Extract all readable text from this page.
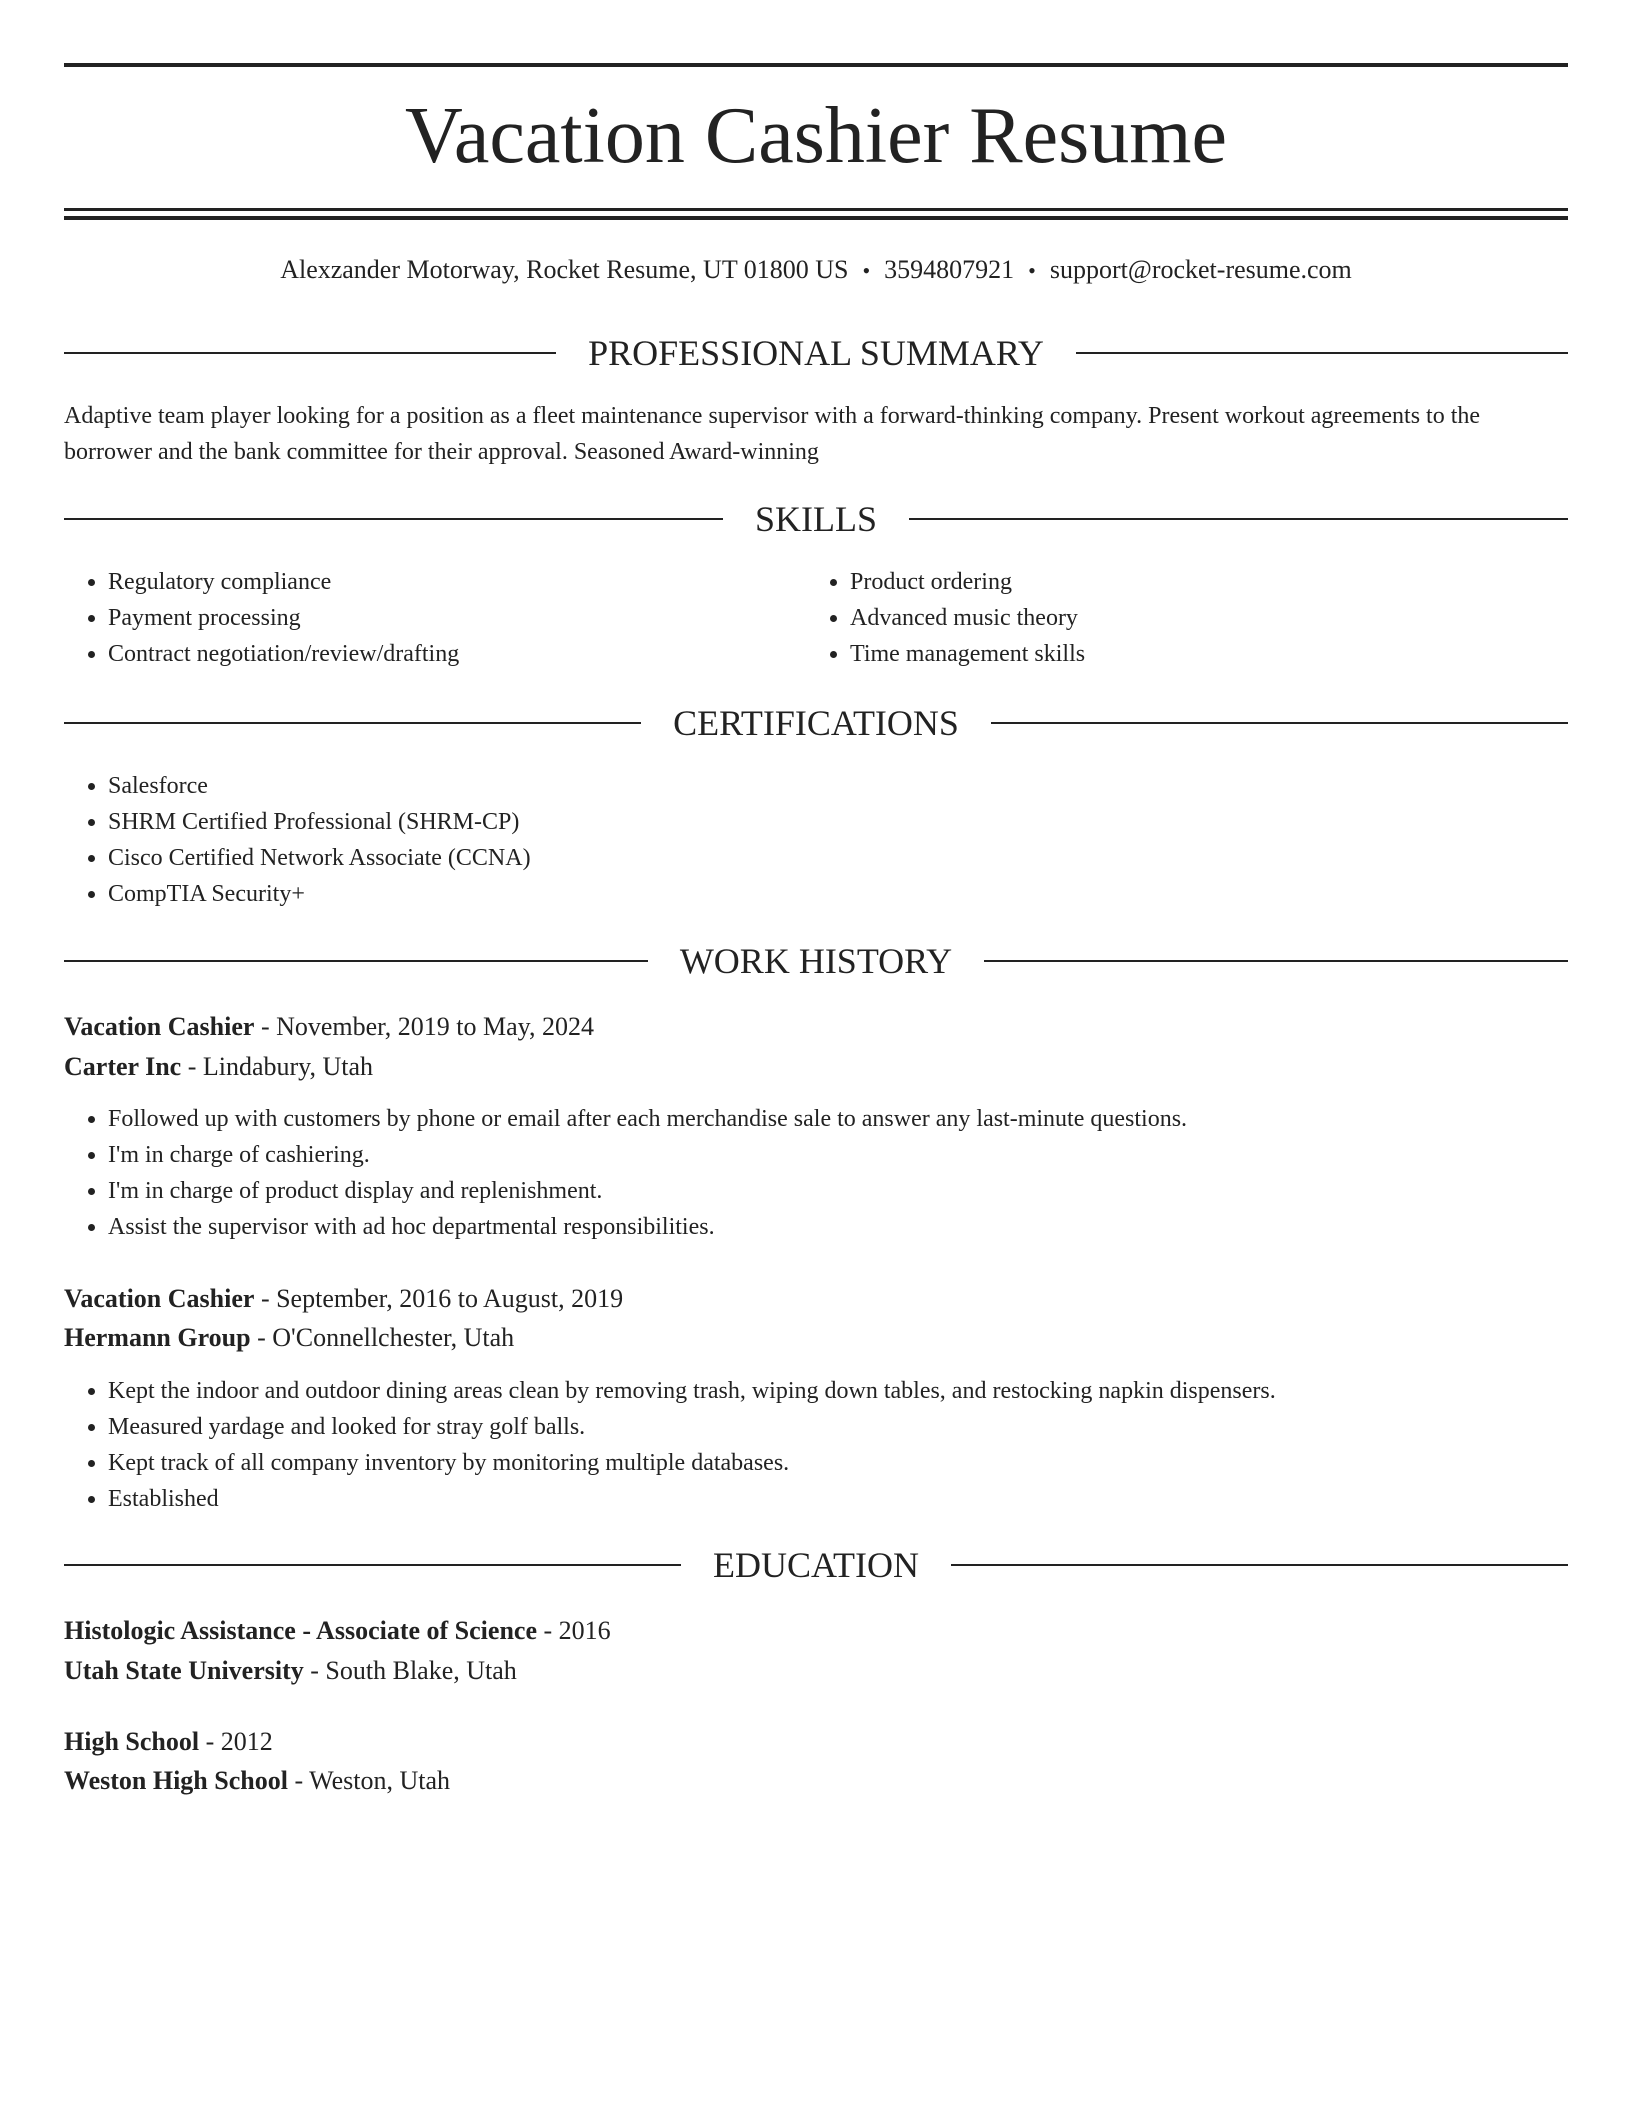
Vacation Cashier Resume
Alexzander Motorway, Rocket Resume, UT 01800 US • 3594807921 • support@rocket-resume.com
PROFESSIONAL SUMMARY

Adaptive team player looking for a position as a fleet maintenance supervisor with a forward-thinking company. Present workout agreements to the borrower and the bank committee for their approval. Seasoned Award-winning

SKILLS
• Regulatory compliance
• Payment processing
• Contract negotiation/review/drafting
• Product ordering
• Advanced music theory
• Time management skills
CERTIFICATIONS
• Salesforce
• SHRM Certified Professional (SHRM-CP)
• Cisco Certified Network Associate (CCNA)
• CompTIA Security+
WORK HISTORY
Vacation Cashier - November, 2019 to May, 2024
Carter Inc - Lindabury, Utah
• Followed up with customers by phone or email after each merchandise sale to answer any last-minute questions.
• I'm in charge of cashiering.
• I'm in charge of product display and replenishment.
• Assist the supervisor with ad hoc departmental responsibilities.
Vacation Cashier - September, 2016 to August, 2019
Hermann Group - O'Connellchester, Utah
• Kept the indoor and outdoor dining areas clean by removing trash, wiping down tables, and restocking napkin dispensers.
• Measured yardage and looked for stray golf balls.
• Kept track of all company inventory by monitoring multiple databases.
• Established
EDUCATION
Histologic Assistance - Associate of Science - 2016
Utah State University - South Blake, Utah
High School - 2012
Weston High School - Weston, Utah
